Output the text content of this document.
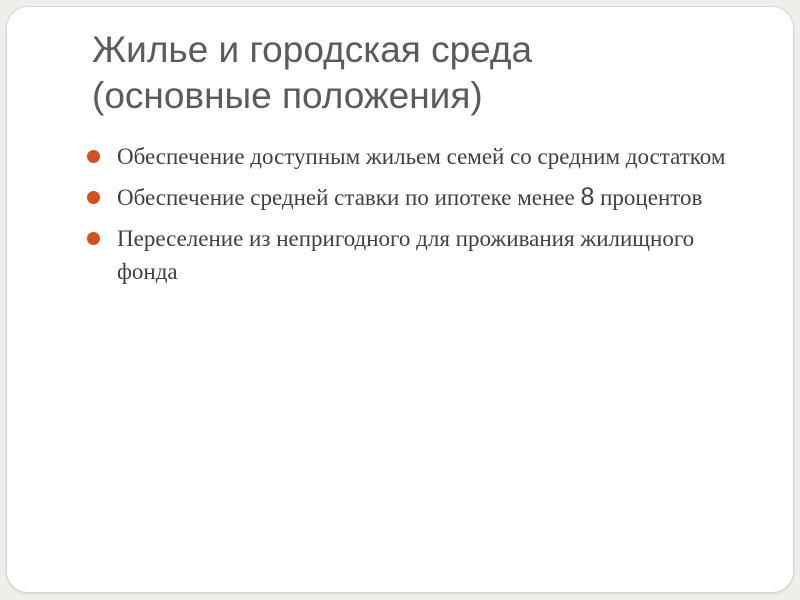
Жилье и городская среда
(основные положения)
Обеспечение доступным жильем семей со средним достатком
Обеспечение средней ставки по ипотеке менее 8 процентов
Переселение из непригодного для проживания жилищного фонда
